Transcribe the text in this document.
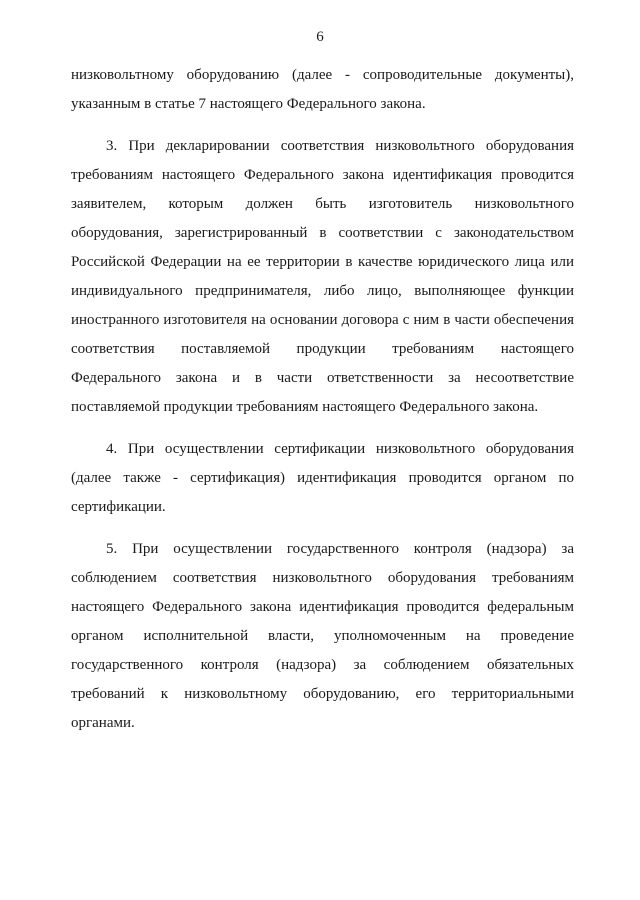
6

низковольтному оборудованию (далее - сопроводительные документы), указанным в статье 7 настоящего Федерального закона.

3. При декларировании соответствия низковольтного оборудования требованиям настоящего Федерального закона идентификация проводится заявителем, которым должен быть изготовитель низковольтного оборудования, зарегистрированный в соответствии с законодательством Российской Федерации на ее территории в качестве юридического лица или индивидуального предпринимателя, либо лицо, выполняющее функции иностранного изготовителя на основании договора с ним в части обеспечения соответствия поставляемой продукции требованиям настоящего Федерального закона и в части ответственности за несоответствие поставляемой продукции требованиям настоящего Федерального закона.

4. При осуществлении сертификации низковольтного оборудования (далее также - сертификация) идентификация проводится органом по сертификации.

5. При осуществлении государственного контроля (надзора) за соблюдением соответствия низковольтного оборудования требованиям настоящего Федерального закона идентификация проводится федеральным органом исполнительной власти, уполномоченным на проведение государственного контроля (надзора) за соблюдением обязательных требований к низковольтному оборудованию, его территориальными органами.
